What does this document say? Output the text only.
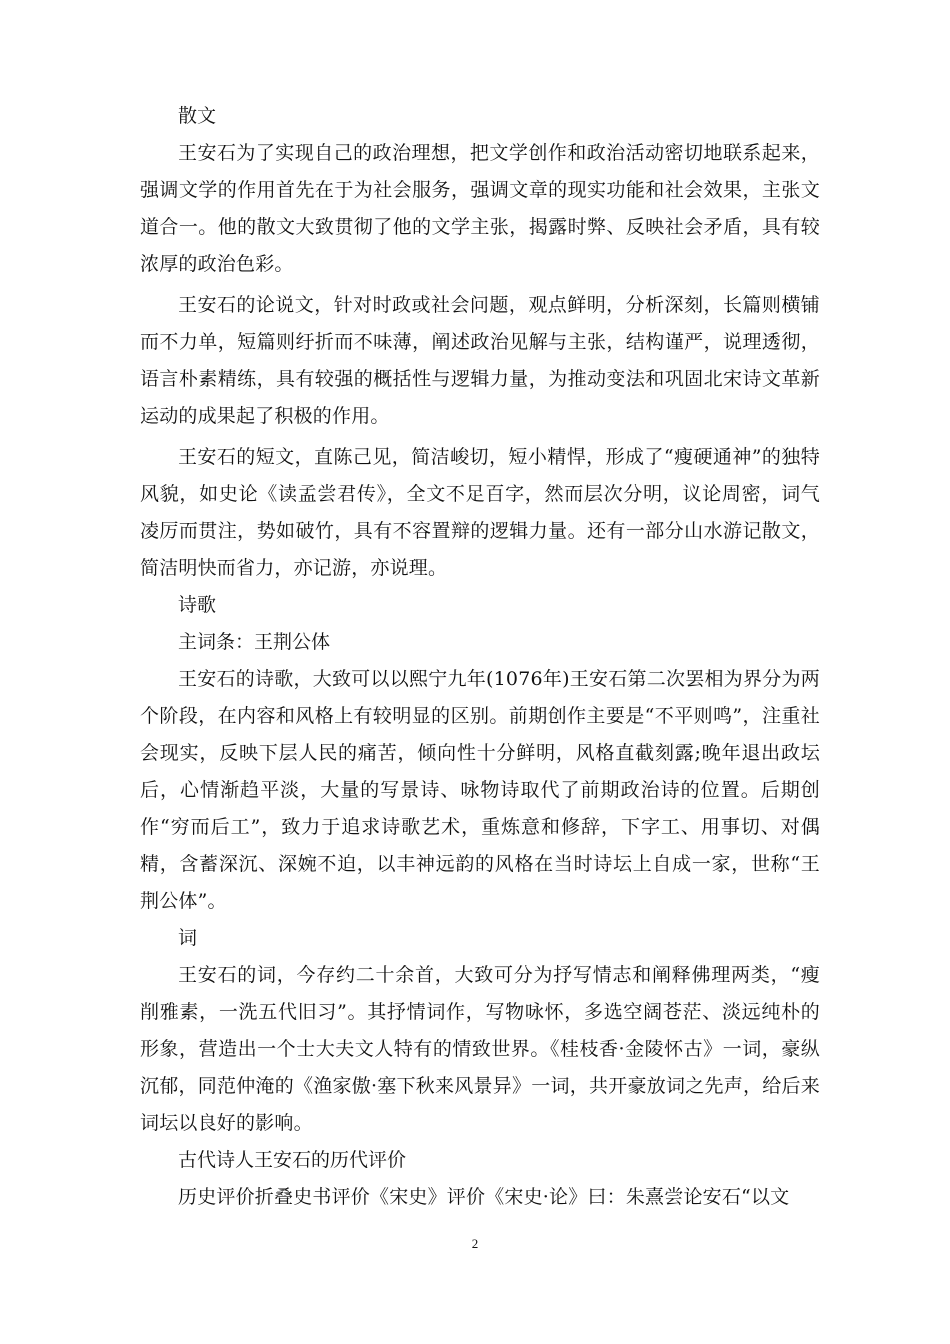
散文

王安石为了实现自己的政治理想，把文学创作和政治活动密切地联系起来，强调文学的作用首先在于为社会服务，强调文章的现实功能和社会效果，主张文道合一。他的散文大致贯彻了他的文学主张，揭露时弊、反映社会矛盾，具有较浓厚的政治色彩。

王安石的论说文，针对时政或社会问题，观点鲜明，分析深刻，长篇则横铺而不力单，短篇则纡折而不味薄，阐述政治见解与主张，结构谨严，说理透彻，语言朴素精练，具有较强的概括性与逻辑力量，为推动变法和巩固北宋诗文革新运动的成果起了积极的作用。

王安石的短文，直陈己见，简洁峻切，短小精悍，形成了“瘦硬通神”的独特风貌，如史论《读孟尝君传》，全文不足百字，然而层次分明，议论周密，词气凌厉而贯注，势如破竹，具有不容置辩的逻辑力量。还有一部分山水游记散文，简洁明快而省力，亦记游，亦说理。

诗歌

主词条：王荆公体

王安石的诗歌，大致可以以熙宁九年(1076年)王安石第二次罢相为界分为两个阶段，在内容和风格上有较明显的区别。前期创作主要是“不平则鸣”，注重社会现实，反映下层人民的痛苦，倾向性十分鲜明，风格直截刻露;晚年退出政坛后，心情渐趋平淡，大量的写景诗、咏物诗取代了前期政治诗的位置。后期创作“穷而后工”，致力于追求诗歌艺术，重炼意和修辞，下字工、用事切、对偶精，含蓄深沉、深婉不迫，以丰神远韵的风格在当时诗坛上自成一家，世称“王荆公体”。

词

王安石的词，今存约二十余首，大致可分为抒写情志和阐释佛理两类，“瘦削雅素，一洗五代旧习”。其抒情词作，写物咏怀，多选空阔苍茫、淡远纯朴的形象，营造出一个士大夫文人特有的情致世界。《桂枝香·金陵怀古》一词，豪纵沉郁，同范仲淹的《渔家傲·塞下秋来风景异》一词，共开豪放词之先声，给后来词坛以良好的影响。

古代诗人王安石的历代评价

历史评价折叠史书评价《宋史》评价《宋史·论》曰：朱熹尝论安石“以文

2
